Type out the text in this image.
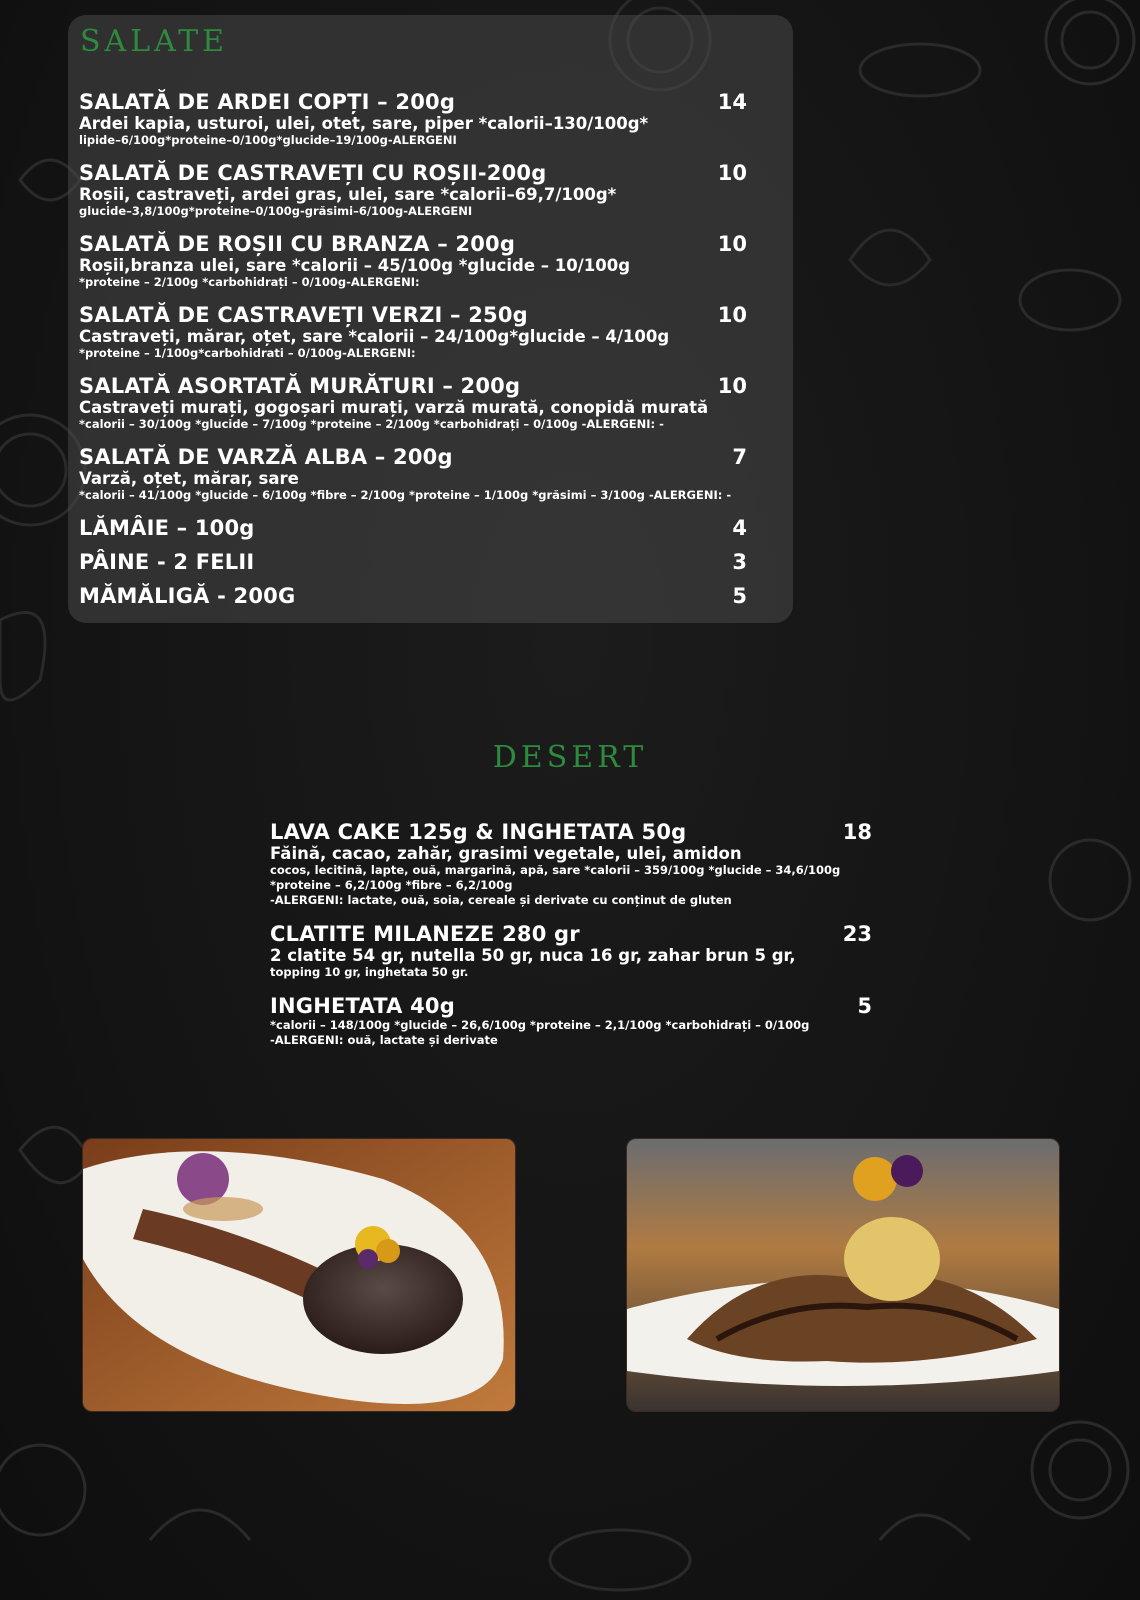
SALATE
SALATĂ DE ARDEI COPȚI – 200g	14
Ardei kapia, usturoi, ulei, otet, sare, piper *calorii–130/100g*
lipide–6/100g*proteine–0/100g*glucide–19/100g-ALERGENI
SALATĂ DE CASTRAVEȚI CU ROȘII-200g	10
Roșii, castraveți, ardei gras, ulei, sare *calorii–69,7/100g*
glucide–3,8/100g*proteine–0/100g-grăsimi–6/100g-ALERGENI
SALATĂ DE ROȘII CU BRANZA – 200g	10
Roșii,branza ulei, sare *calorii – 45/100g *glucide – 10/100g
*proteine – 2/100g *carbohidrați – 0/100g-ALERGENI:
SALATĂ DE CASTRAVEȚI VERZI – 250g	10
Castraveți, mărar, oțet, sare *calorii – 24/100g*glucide – 4/100g
*proteine – 1/100g*carbohidrati – 0/100g-ALERGENI:
SALATĂ ASORTATĂ MURĂTURI – 200g	10
Castraveți murați, gogoșari murați, varză murată, conopidă murată
*calorii – 30/100g *glucide – 7/100g *proteine – 2/100g *carbohidrați – 0/100g -ALERGENI: -
SALATĂ DE VARZĂ ALBA – 200g	7
Varză, oțet, mărar, sare
*calorii – 41/100g *glucide – 6/100g *fibre – 2/100g *proteine – 1/100g *grăsimi – 3/100g -ALERGENI: -
LĂMÂIE – 100g	4
PÂINE - 2 FELII	3
MĂMĂLIGĂ - 200G	5
DESERT
LAVA CAKE 125g & INGHETATA 50g	18
Făină, cacao, zahăr, grasimi vegetale, ulei, amidon
cocos, lecitină, lapte, ouă, margarină, apă, sare *calorii – 359/100g *glucide – 34,6/100g
*proteine – 6,2/100g *fibre – 6,2/100g
-ALERGENI: lactate, ouă, soia, cereale și derivate cu conținut de gluten
CLATITE MILANEZE 280 gr	23
2 clatite 54 gr, nutella 50 gr, nuca 16 gr, zahar brun 5 gr,
topping 10 gr, inghetata 50 gr.
INGHETATA 40g	5
*calorii – 148/100g *glucide – 26,6/100g *proteine – 2,1/100g *carbohidrați – 0/100g
-ALERGENI: ouă, lactate și derivate
